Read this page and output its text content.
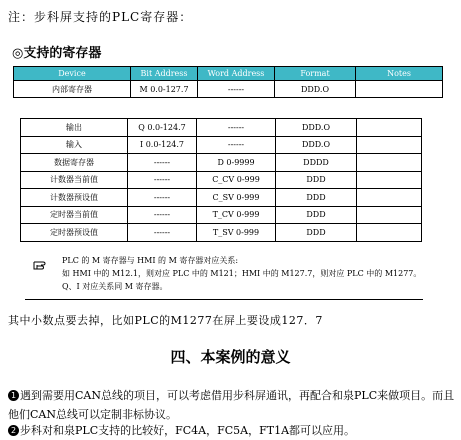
注：步科屏支持的PLC寄存器：
◎支持的寄存器
Device	Bit Address	Word Address	Format	Notes
内部寄存器	M 0.0-127.7	------	DDD.O	
输出	Q 0.0-124.7	------	DDD.O	
输入	I 0.0-124.7	------	DDD.O	
数据寄存器	------	D 0-9999	DDDD	
计数器当前值	------	C_CV 0-999	DDD	
计数器预设值	------	C_SV 0-999	DDD	
定时器当前值	------	T_CV 0-999	DDD	
定时器预设值	------	T_SV 0-999	DDD	
PLC 的 M 寄存器与 HMI 的 M 寄存器对应关系:
如 HMI 中的 M12.1，则对应 PLC 中的 M121；HMI 中的 M127.7，则对应 PLC 中的 M1277。
Q、I 对应关系同 M 寄存器。
其中小数点要去掉，比如PLC的M1277在屏上要设成127．7
四、本案例的意义
1 遇到需要用CAN总线的项目，可以考虑借用步科屏通讯，再配合和泉PLC来做项目。而且他们CAN总线可以定制非标协议。
2 步科对和泉PLC支持的比较好，FC4A，FC5A，FT1A都可以应用。
